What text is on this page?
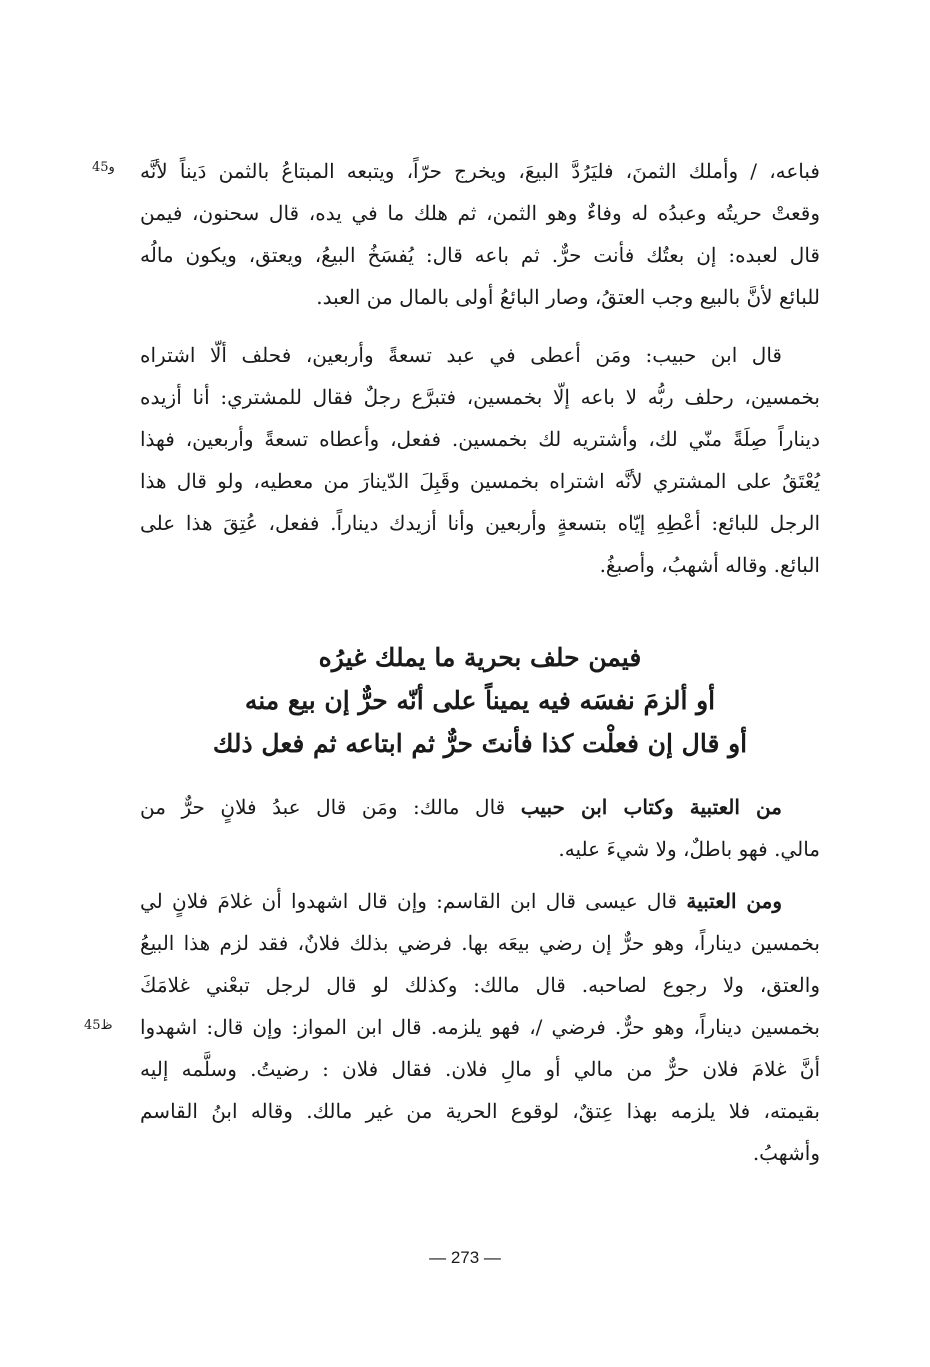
و45 فباعه، / وأملك الثمنَ، فليَرُدَّ البيعَ، ويخرج حرّاً، ويتبعه المبتاعُ بالثمن دَيناً لأنَّه
وقعتْ حريتُه وعبدُه له وفاءٌ وهو الثمن، ثم هلك ما في يده، قال سحنون، فيمن
قال لعبده: إن بعتُك فأنت حرٌّ. ثم باعه قال: يُفسَخُ البيعُ، ويعتق، ويكون مالُه
للبائع لأنَّ بالبيع وجب العتقُ، وصار البائعُ أولى بالمال من العبد.
قال ابن حبيب: ومَن أعطى في عبد تسعةً وأربعين، فحلف ألّا اشتراه
بخمسين، رحلف ربُّه لا باعه إلّا بخمسين، فتبرَّع رجلٌ فقال للمشتري: أنا أزيده
ديناراً صِلَةً منّي لك، وأشتريه لك بخمسين. ففعل، وأعطاه تسعةً وأربعين، فهذا
يُعْتَقُ على المشتري لأنَّه اشتراه بخمسين وقَبِلَ الدّينارَ من معطيه، ولو قال هذا
الرجل للبائع: أعْطِهِ إيّاه بتسعةٍ وأربعين وأنا أزيدك ديناراً. ففعل، عُتِقَ هذا على
البائع. وقاله أشهبُ، وأصبغُ.
فيمن حلف بحرية ما يملك غيرُه
أو ألزمَ نفسَه فيه يميناً على أنّه حرٌّ إن بيع منه
أو قال إن فعلْت كذا فأنتَ حرٌّ ثم ابتاعه ثم فعل ذلك
من العتبية وكتاب ابن حبيب قال مالك: ومَن قال عبدُ فلانٍ حرٌّ من
مالي. فهو باطلٌ، ولا شيءَ عليه.
ظ45
ومن العتبية قال عيسى قال ابن القاسم: وإن قال اشهدوا أن غلامَ فلانٍ لي
بخمسين ديناراً، وهو حرٌّ إن رضي بيعَه بها. فرضي بذلك فلانٌ، فقد لزم هذا البيعُ
والعتق، ولا رجوع لصاحبه. قال مالك: وكذلك لو قال لرجل تبعْني غلامَكَ
بخمسين ديناراً، وهو حرٌّ. فرضي /، فهو يلزمه. قال ابن المواز: وإن قال: اشهدوا
أنَّ غلامَ فلان حرٌّ من مالي أو مالِ فلان. فقال فلان : رضيتُ. وسلَّمه إليه
بقيمته، فلا يلزمه بهذا عِتقٌ، لوقوع الحرية من غير مالك. وقاله ابنُ القاسم
وأشهبُ.
— 273 —
